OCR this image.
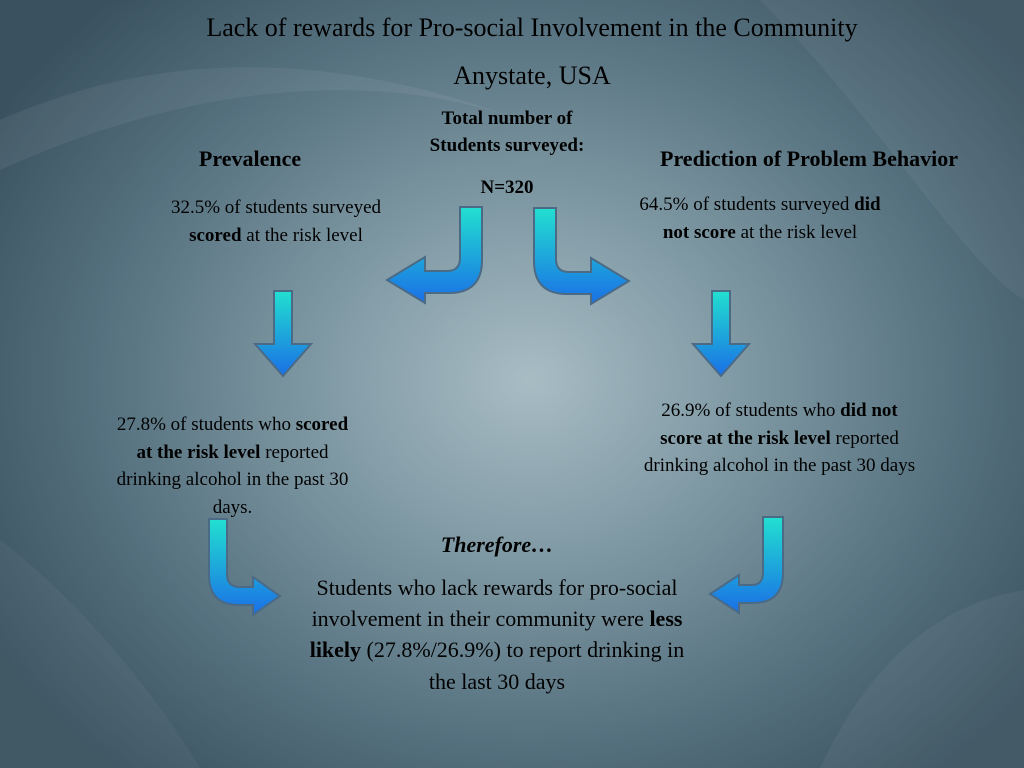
Lack of rewards for Pro-social Involvement in the Community
Anystate, USA
Total number of
Students surveyed:
N=320
Prevalence	Prediction of Problem Behavior
32.5% of students surveyed scored at the risk level
64.5% of students surveyed did not score at the risk level
27.8% of students who scored at the risk level reported drinking alcohol in the past 30 days.
26.9% of students who did not score at the risk level reported drinking alcohol in the past 30 days
Therefore…
Students who lack rewards for pro-social involvement in their community were less likely (27.8%/26.9%) to report drinking in the last 30 days
